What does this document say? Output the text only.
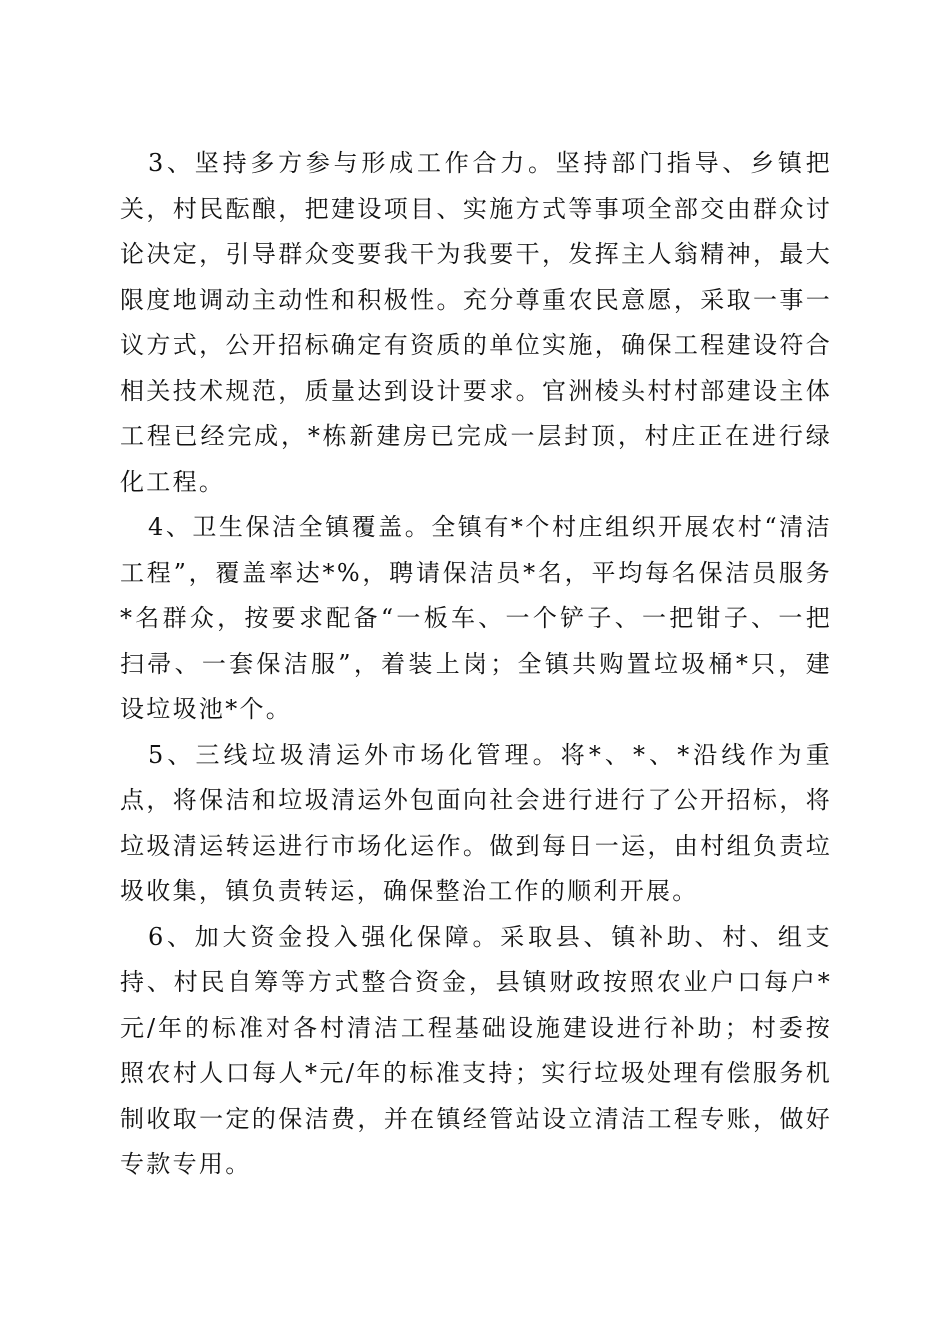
3、坚持多方参与形成工作合力。坚持部门指导、乡镇把关，村民酝酿，把建设项目、实施方式等事项全部交由群众讨论决定，引导群众变要我干为我要干，发挥主人翁精神，最大限度地调动主动性和积极性。充分尊重农民意愿，采取一事一议方式，公开招标确定有资质的单位实施，确保工程建设符合相关技术规范，质量达到设计要求。官洲棱头村村部建设主体工程已经完成，*栋新建房已完成一层封顶，村庄正在进行绿化工程。

4、卫生保洁全镇覆盖。全镇有*个村庄组织开展农村“清洁工程”，覆盖率达*%，聘请保洁员*名，平均每名保洁员服务*名群众，按要求配备“一板车、一个铲子、一把钳子、一把扫帚、一套保洁服”，着装上岗；全镇共购置垃圾桶*只，建设垃圾池*个。

5、三线垃圾清运外市场化管理。将*、*、*沿线作为重点，将保洁和垃圾清运外包面向社会进行进行了公开招标，将垃圾清运转运进行市场化运作。做到每日一运，由村组负责垃圾收集，镇负责转运，确保整治工作的顺利开展。

6、加大资金投入强化保障。采取县、镇补助、村、组支持、村民自筹等方式整合资金，县镇财政按照农业户口每户*元/年的标准对各村清洁工程基础设施建设进行补助；村委按照农村人口每人*元/年的标准支持；实行垃圾处理有偿服务机制收取一定的保洁费，并在镇经管站设立清洁工程专账，做好专款专用。
